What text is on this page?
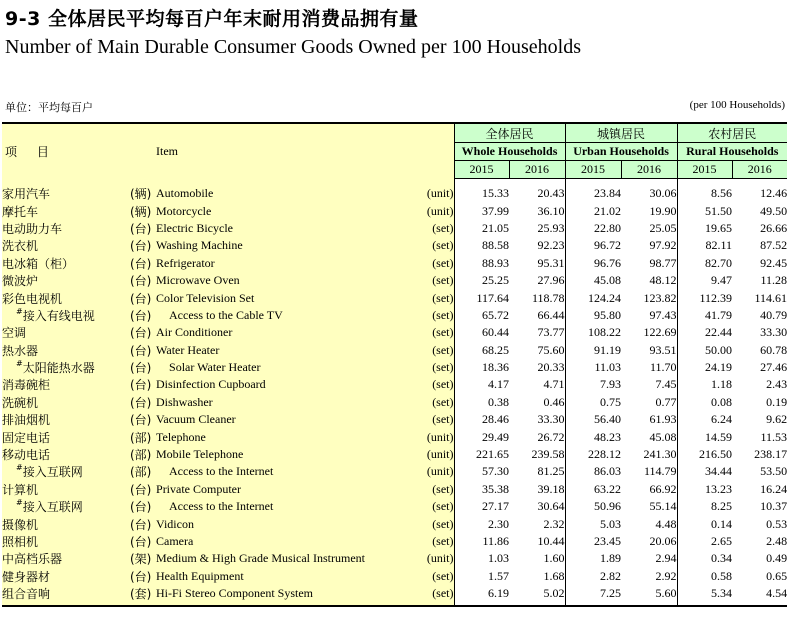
9-3 全体居民平均每百户年末耐用消费品拥有量
Number of Main Durable Consumer Goods Owned per 100 Households
单位：平均每百户	(per 100 Households)
项 目		Item		全体居民		城镇居民		农村居民	
				Whole Households		Urban Households		Rural Households	
				2015	2016	2015	2016	2015	2016
家用汽车	(辆)	Automobile	(unit)	15.33	20.43	23.84	30.06	8.56	12.46
摩托车	(辆)	Motorcycle	(unit)	37.99	36.10	21.02	19.90	51.50	49.50
电动助力车	(台)	Electric Bicycle	(set)	21.05	25.93	22.80	25.05	19.65	26.66
洗衣机	(台)	Washing Machine	(set)	88.58	92.23	96.72	97.92	82.11	87.52
电冰箱（柜）	(台)	Refrigerator	(set)	88.93	95.31	96.76	98.77	82.70	92.45
微波炉	(台)	Microwave Oven	(set)	25.25	27.96	45.08	48.12	9.47	11.28
彩色电视机	(台)	Color Television Set	(set)	117.64	118.78	124.24	123.82	112.39	114.61
# 接入有线电视	(台)	Access to the Cable TV	(set)	65.72	66.44	95.80	97.43	41.79	40.79
空调	(台)	Air Conditioner	(set)	60.44	73.77	108.22	122.69	22.44	33.30
热水器	(台)	Water Heater	(set)	68.25	75.60	91.19	93.51	50.00	60.78
# 太阳能热水器	(台)	Solar Water Heater	(set)	18.36	20.33	11.03	11.70	24.19	27.46
消毒碗柜	(台)	Disinfection Cupboard	(set)	4.17	4.71	7.93	7.45	1.18	2.43
洗碗机	(台)	Dishwasher	(set)	0.38	0.46	0.75	0.77	0.08	0.19
排油烟机	(台)	Vacuum Cleaner	(set)	28.46	33.30	56.40	61.93	6.24	9.62
固定电话	(部)	Telephone	(unit)	29.49	26.72	48.23	45.08	14.59	11.53
移动电话	(部)	Mobile Telephone	(unit)	221.65	239.58	228.12	241.30	216.50	238.17
# 接入互联网	(部)	Access to the Internet	(unit)	57.30	81.25	86.03	114.79	34.44	53.50
计算机	(台)	Private Computer	(set)	35.38	39.18	63.22	66.92	13.23	16.24
# 接入互联网	(台)	Access to the Internet	(set)	27.17	30.64	50.96	55.14	8.25	10.37
摄像机	(台)	Vidicon	(set)	2.30	2.32	5.03	4.48	0.14	0.53
照相机	(台)	Camera	(set)	11.86	10.44	23.45	20.06	2.65	2.48
中高档乐器	(架)	Medium & High Grade Musical Instrument	(unit)	1.03	1.60	1.89	2.94	0.34	0.49
健身器材	(台)	Health Equipment	(set)	1.57	1.68	2.82	2.92	0.58	0.65
组合音响	(套)	Hi-Fi Stereo Component System	(set)	6.19	5.02	7.25	5.60	5.34	4.54
